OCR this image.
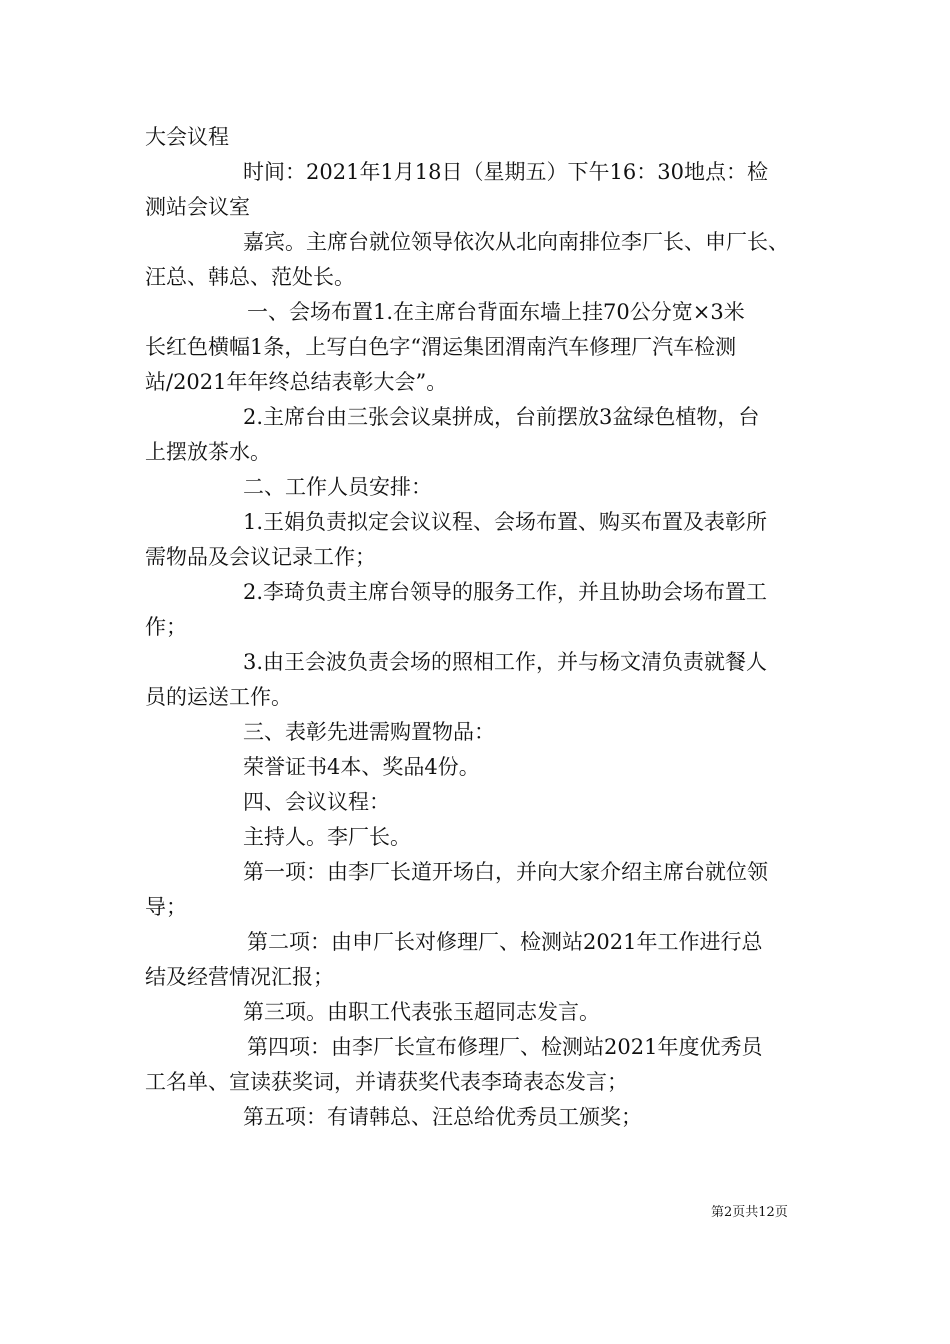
大会议程
时间：2021年1月18日（星期五）下午16：30地点：检
测站会议室
嘉宾。主席台就位领导依次从北向南排位李厂长、申厂长、
汪总、韩总、范处长。
一、会场布置1.在主席台背面东墙上挂70公分宽×3米
长红色横幅1条，上写白色字“渭运集团渭南汽车修理厂汽车检测
站/2021年年终总结表彰大会”。
2.主席台由三张会议桌拼成，台前摆放3盆绿色植物，台
上摆放茶水。
二、工作人员安排：
1.王娟负责拟定会议议程、会场布置、购买布置及表彰所
需物品及会议记录工作；
2.李琦负责主席台领导的服务工作，并且协助会场布置工
作；
3.由王会波负责会场的照相工作，并与杨文清负责就餐人
员的运送工作。
三、表彰先进需购置物品：
荣誉证书4本、奖品4份。
四、会议议程：
主持人。李厂长。
第一项：由李厂长道开场白，并向大家介绍主席台就位领
导；
第二项：由申厂长对修理厂、检测站2021年工作进行总
结及经营情况汇报；
第三项。由职工代表张玉超同志发言。
第四项：由李厂长宣布修理厂、检测站2021年度优秀员
工名单、宣读获奖词，并请获奖代表李琦表态发言；
第五项：有请韩总、汪总给优秀员工颁奖；
第2页共12页
